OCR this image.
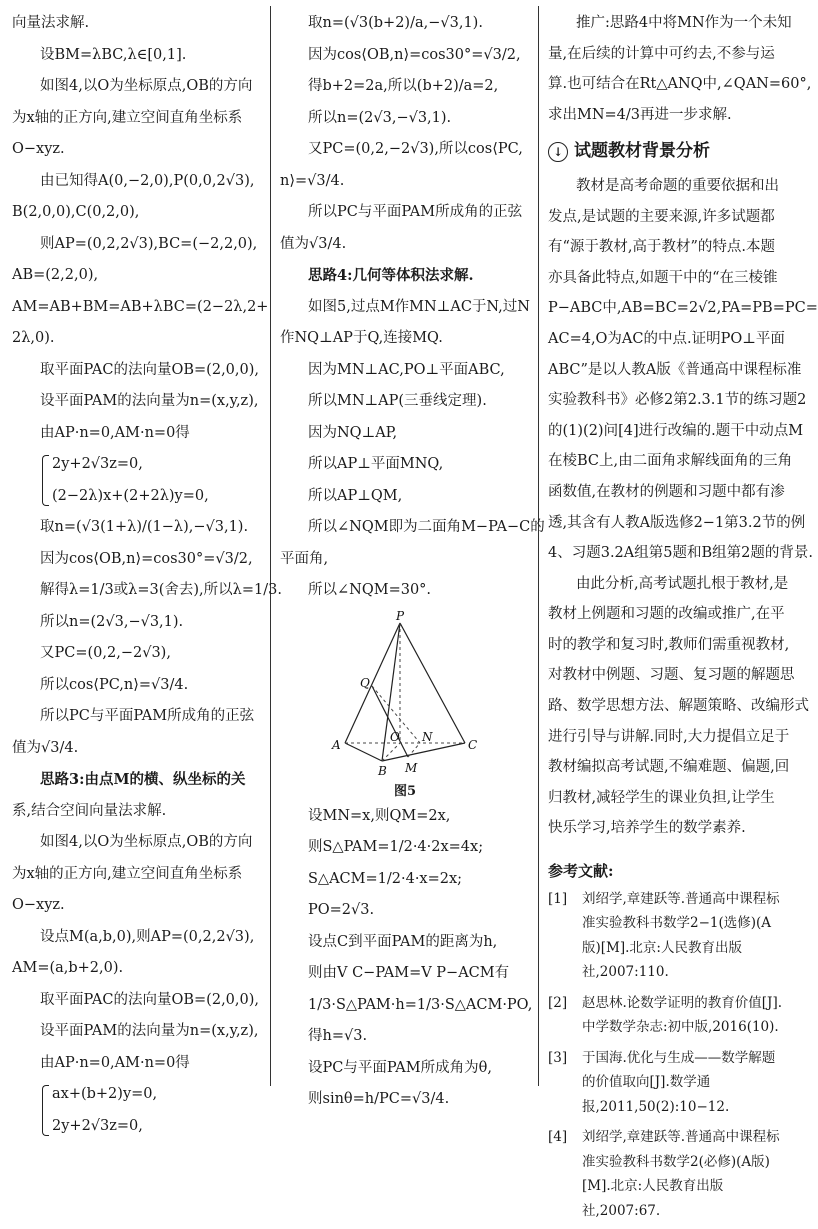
向量法求解.
设BM=λBC,λ∈[0,1].
如图4,以O为坐标原点,OB的方向
为x轴的正方向,建立空间直角坐标系
O−xyz.
由已知得A(0,−2,0),P(0,0,2√3),
B(2,0,0),C(0,2,0),
则AP=(0,2,2√3),BC=(−2,2,0),
AB=(2,2,0),
AM=AB+BM=AB+λBC=(2−2λ,2+
2λ,0).
取平面PAC的法向量OB=(2,0,0),
设平面PAM的法向量为n=(x,y,z),
由AP·n=0,AM·n=0得
2y+2√3z=0,
(2−2λ)x+(2+2λ)y=0,
取n=(√3(1+λ)/(1−λ),−√3,1).
因为cos⟨OB,n⟩=cos30°=√3/2,
解得λ=1/3或λ=3(舍去),所以λ=1/3.
所以n=(2√3,−√3,1).
又PC=(0,2,−2√3),
所以cos⟨PC,n⟩=√3/4.
所以PC与平面PAM所成角的正弦
值为√3/4.
思路3:由点M的横、纵坐标的关
系,结合空间向量法求解.
如图4,以O为坐标原点,OB的方向
为x轴的正方向,建立空间直角坐标系
O−xyz.
设点M(a,b,0),则AP=(0,2,2√3),
AM=(a,b+2,0).
取平面PAC的法向量OB=(2,0,0),
设平面PAM的法向量为n=(x,y,z),
由AP·n=0,AM·n=0得
ax+(b+2)y=0,
2y+2√3z=0,
取n=(√3(b+2)/a,−√3,1).
因为cos⟨OB,n⟩=cos30°=√3/2,
得b+2=2a,所以(b+2)/a=2,
所以n=(2√3,−√3,1).
又PC=(0,2,−2√3),所以cos⟨PC,
n⟩=√3/4.
所以PC与平面PAM所成角的正弦
值为√3/4.
思路4:几何等体积法求解.
如图5,过点M作MN⊥AC于N,过N
作NQ⊥AP于Q,连接MQ.
因为MN⊥AC,PO⊥平面ABC,
所以MN⊥AP(三垂线定理).
因为NQ⊥AP,
所以AP⊥平面MNQ,
所以AP⊥QM,
所以∠NQM即为二面角M−PA−C的
平面角,
所以∠NQM=30°.
P
Q
O N
A
B M
C
图5
设MN=x,则QM=2x,
则S△PAM=1/2·4·2x=4x;
S△ACM=1/2·4·x=2x;
PO=2√3.
设点C到平面PAM的距离为h,
则由V C−PAM=V P−ACM有
1/3·S△PAM·h=1/3·S△ACM·PO,
得h=√3.
设PC与平面PAM所成角为θ,
则sinθ=h/PC=√3/4.
推广:思路4中将MN作为一个未知
量,在后续的计算中可约去,不参与运
算.也可结合在Rt△ANQ中,∠QAN=60°,
求出MN=4/3再进一步求解.
↓ 试题教材背景分析
教材是高考命题的重要依据和出
发点,是试题的主要来源,许多试题都
有“源于教材,高于教材”的特点.本题
亦具备此特点,如题干中的“在三棱锥
P−ABC中,AB=BC=2√2,PA=PB=PC=
AC=4,O为AC的中点.证明PO⊥平面
ABC”是以人教A版《普通高中课程标准
实验教科书》必修2第2.3.1节的练习题2
的(1)(2)问[4]进行改编的.题干中动点M
在棱BC上,由二面角求解线面角的三角
函数值,在教材的例题和习题中都有渗
透,其含有人教A版选修2−1第3.2节的例
4、习题3.2A组第5题和B组第2题的背景.
由此分析,高考试题扎根于教材,是
教材上例题和习题的改编或推广,在平
时的教学和复习时,教师们需重视教材,
对教材中例题、习题、复习题的解题思
路、数学思想方法、解题策略、改编形式
进行引导与讲解.同时,大力提倡立足于
教材编拟高考试题,不编难题、偏题,回
归教材,减轻学生的课业负担,让学生
快乐学习,培养学生的数学素养.
参考文献:
[1]	刘绍学,章建跃等.普通高中课程标准实验教科书数学2−1(选修)(A版)[M].北京:人民教育出版社,2007:110.
[2]	赵思林.论数学证明的教育价值[J].中学数学杂志:初中版,2016(10).
[3]	于国海.优化与生成——数学解题的价值取向[J].数学通报,2011,50(2):10−12.
[4]	刘绍学,章建跃等.普通高中课程标准实验教科书数学2(必修)(A版)[M].北京:人民教育出版社,2007:67.
